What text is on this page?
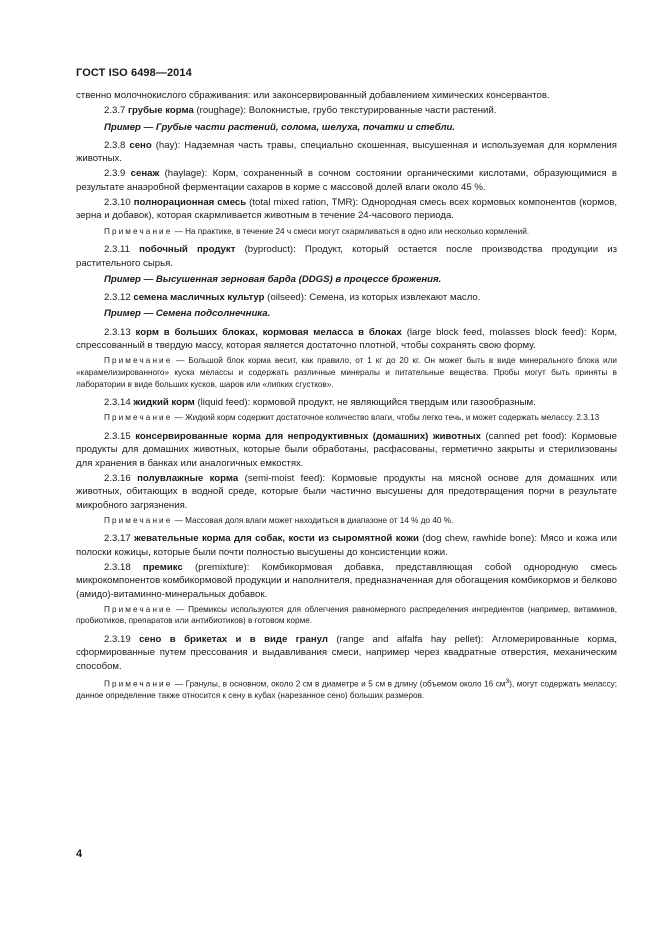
ГОСТ ISO 6498—2014

ственно молочнокислого сбраживания: или законсервированный добавлением химических консервантов.

2.3.7 грубые корма (roughage): Волокнистые, грубо текстурированные части растений.

Пример — Грубые части растений, солома, шелуха, початки и стебли.

2.3.8 сено (hay): Надземная часть травы, специально скошенная, высушенная и используемая для кормления животных.

2.3.9 сенаж (haylage): Корм, сохраненный в сочном состоянии органическими кислотами, образующимися в результате анаэробной ферментации сахаров в корме с массовой долей влаги около 45 %.

2.3.10 полнорационная смесь (total mixed ration, TMR): Однородная смесь всех кормовых компонентов (кормов, зерна и добавок), которая скармливается животным в течение 24-часового периода.

Примечание — На практике, в течение 24 ч смеси могут скармливаться в одно или несколько кормлений.

2.3.11 побочный продукт (byproduct): Продукт, который остается после производства продукции из растительного сырья.

Пример — Высушенная зерновая барда (DDGS) в процессе брожения.

2.3.12 семена масличных культур (oilseed): Семена, из которых извлекают масло.

Пример — Семена подсолнечника.

2.3.13 корм в больших блоках, кормовая меласса в блоках (large block feed, molasses block feed): Корм, спрессованный в твердую массу, которая является достаточно плотной, чтобы сохранять свою форму.

Примечание — Большой блок корма весит, как правило, от 1 кг до 20 кг. Он может быть в виде минерального блока или «карамелизированного» куска мелассы и содержать различные минералы и питательные вещества. Пробы могут быть приняты в лаборатории в виде больших кусков, шаров или «липких сгустков».

2.3.14 жидкий корм (liquid feed): кормовой продукт, не являющийся твердым или газообразным.

Примечание — Жидкий корм содержит достаточное количество влаги, чтобы легко течь, и может содержать мелассу. 2.3.13

2.3.15 консервированные корма для непродуктивных (домашних) животных (canned pet food): Кормовые продукты для домашних животных, которые были обработаны, расфасованы, герметично закрыты и стерилизованы для хранения в банках или аналогичных емкостях.

2.3.16 полувлажные корма (semi-moist feed): Кормовые продукты на мясной основе для домашних или животных, обитающих в водной среде, которые были частично высушены для предотвращения порчи в результате микробного загрязнения.

Примечание — Массовая доля влаги может находиться в диапазоне от 14 % до 40 %.

2.3.17 жевательные корма для собак, кости из сыромятной кожи (dog chew, rawhide bone): Мясо и кожа или полоски кожицы, которые были почти полностью высушены до консистенции кожи.

2.3.18 премикс (premixture): Комбикормовая добавка, представляющая собой однородную смесь микрокомпонентов комбикормовой продукции и наполнителя, предназначенная для обогащения комбикормов и белково (амидо)-витаминно-минеральных добавок.

Примечание — Премиксы используются для облегчения равномерного распределения ингредиентов (например, витаминов, пробиотиков, препаратов или антибиотиков) в готовом корме.

2.3.19 сено в брикетах и в виде гранул (range and alfalfa hay pellet): Агломерированные корма, сформированные путем прессования и выдавливания смеси, например через квадратные отверстия, механическим способом.

Примечание — Гранулы, в основном, около 2 см в диаметре и 5 см в длину (объемом около 16 $см^3$), могут содержать мелассу; данное определение также относится к сену в кубах (нарезанное сено) больших размеров.

4
